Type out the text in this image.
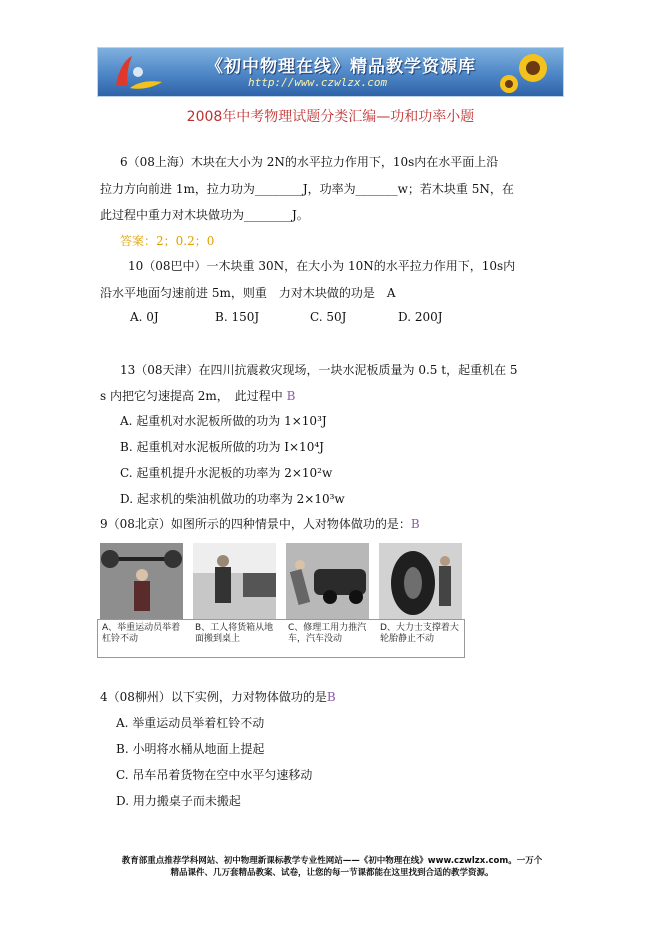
《初中物理在线》精品教学资源库
http://www.czwlzx.com
2008年中考物理试题分类汇编—功和功率小题
6（08上海）木块在大小为 2N的水平拉力作用下，10s内在水平面上沿
拉力方向前进 1m，拉力功为________J，功率为_______w；若木块重 5N，在
此过程中重力对木块做功为________J。
答案：2；0.2；0
10（08巴中）一木块重 30N，在大小为 10N的水平拉力作用下，10s内
沿水平地面匀速前进 5m，则重　力对木块做的功是　A
A. 0J	B. 150J	C. 50J	D. 200J
13（08天津）在四川抗震救灾现场，一块水泥板质量为 0.5 t，起重机在 5
s 内把它匀速提高 2m，　此过程中 B
A. 起重机对水泥板所做的功为 1×10³J
B. 起重机对水泥板所做的功为 I×10⁴J
C. 起重机提升水泥板的功率为 2×10²w
D. 起求机的柴油机做功的功率为 2×10³w
9（08北京）如图所示的四种情景中，人对物体做功的是：B
A、举重运动员举着杠铃不动
B、工人将货箱从地面搬到桌上
C、修理工用力推汽车，汽车没动
D、大力士支撑着大轮胎静止不动
4（08柳州）以下实例，力对物体做功的是B
A. 举重运动员举着杠铃不动
B. 小明将水桶从地面上提起
C. 吊车吊着货物在空中水平匀速移动
D. 用力搬桌子而未搬起
教育部重点推荐学科网站、初中物理新课标教学专业性网站——《初中物理在线》www.czwlzx.com。一万个
精品课件、几万套精品教案、试卷，让您的每一节课都能在这里找到合适的教学资源。
